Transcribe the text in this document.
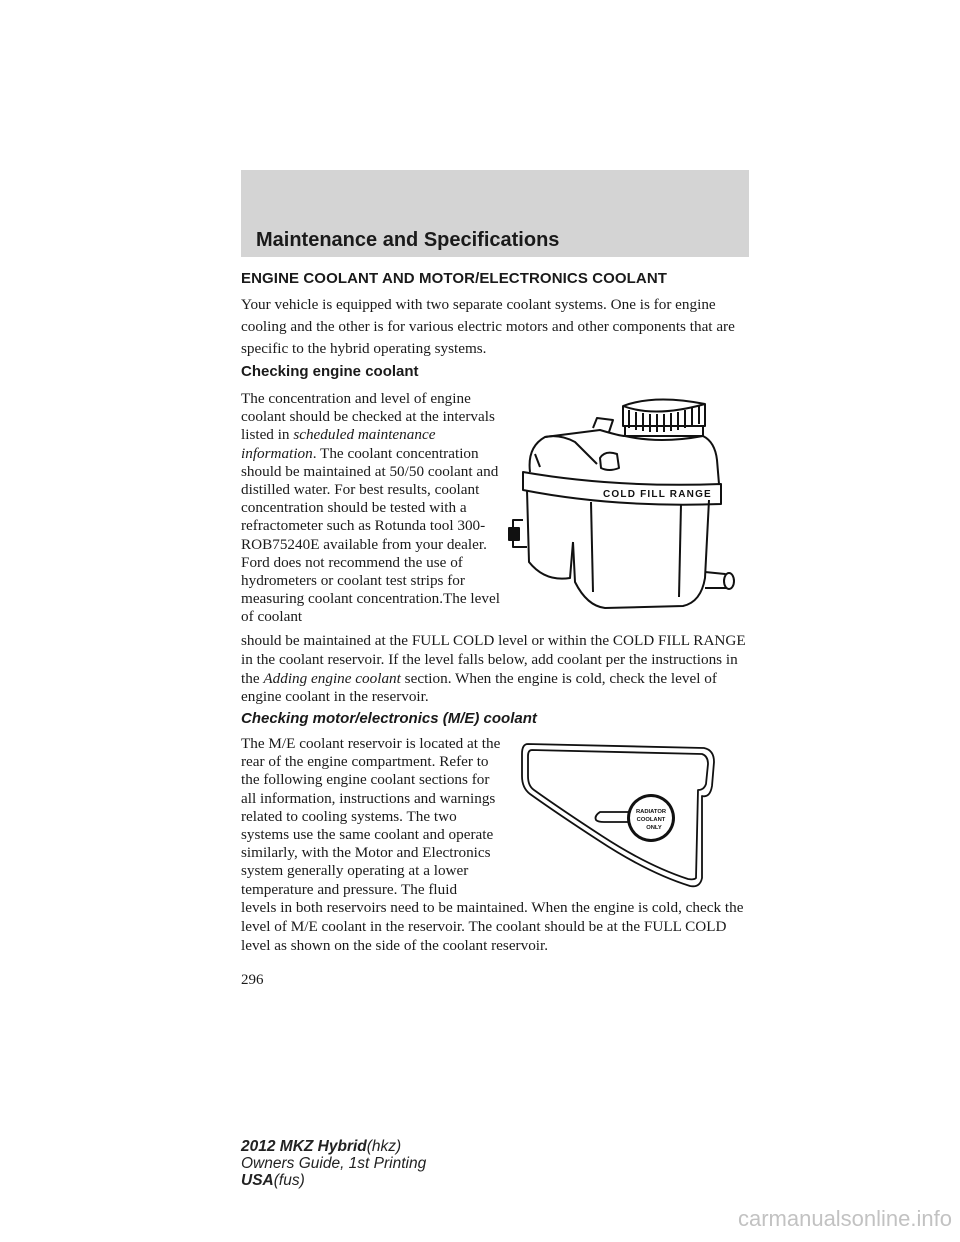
Maintenance and Specifications
ENGINE COOLANT AND MOTOR/ELECTRONICS COOLANT
Your vehicle is equipped with two separate coolant systems. One is for engine cooling and the other is for various electric motors and other components that are specific to the hybrid operating systems.
Checking engine coolant
The concentration and level of engine coolant should be checked at the intervals listed in scheduled maintenance information. The coolant concentration should be maintained at 50/50 coolant and distilled water. For best results, coolant concentration should be tested with a refractometer such as Rotunda tool 300-ROB75240E available from your dealer. Ford does not recommend the use of hydrometers or coolant test strips for measuring coolant concentration.The level of coolant
COLD FILL RANGE
should be maintained at the FULL COLD level or within the COLD FILL RANGE in the coolant reservoir. If the level falls below, add coolant per the instructions in the Adding engine coolant section. When the engine is cold, check the level of engine coolant in the reservoir.
Checking motor/electronics (M/E) coolant
The M/E coolant reservoir is located at the rear of the engine compartment. Refer to the following engine coolant sections for all information, instructions and warnings related to cooling systems. The two systems use the same coolant and operate similarly, with the Motor and Electronics system generally operating at a lower temperature and pressure. The fluid
RADIATOR
COOLANT
ONLY
levels in both reservoirs need to be maintained. When the engine is cold, check the level of M/E coolant in the reservoir. The coolant should be at the FULL COLD level as shown on the side of the coolant reservoir.
296
2012 MKZ Hybrid(hkz)
Owners Guide, 1st Printing
USA(fus)
carmanualsonline.info
